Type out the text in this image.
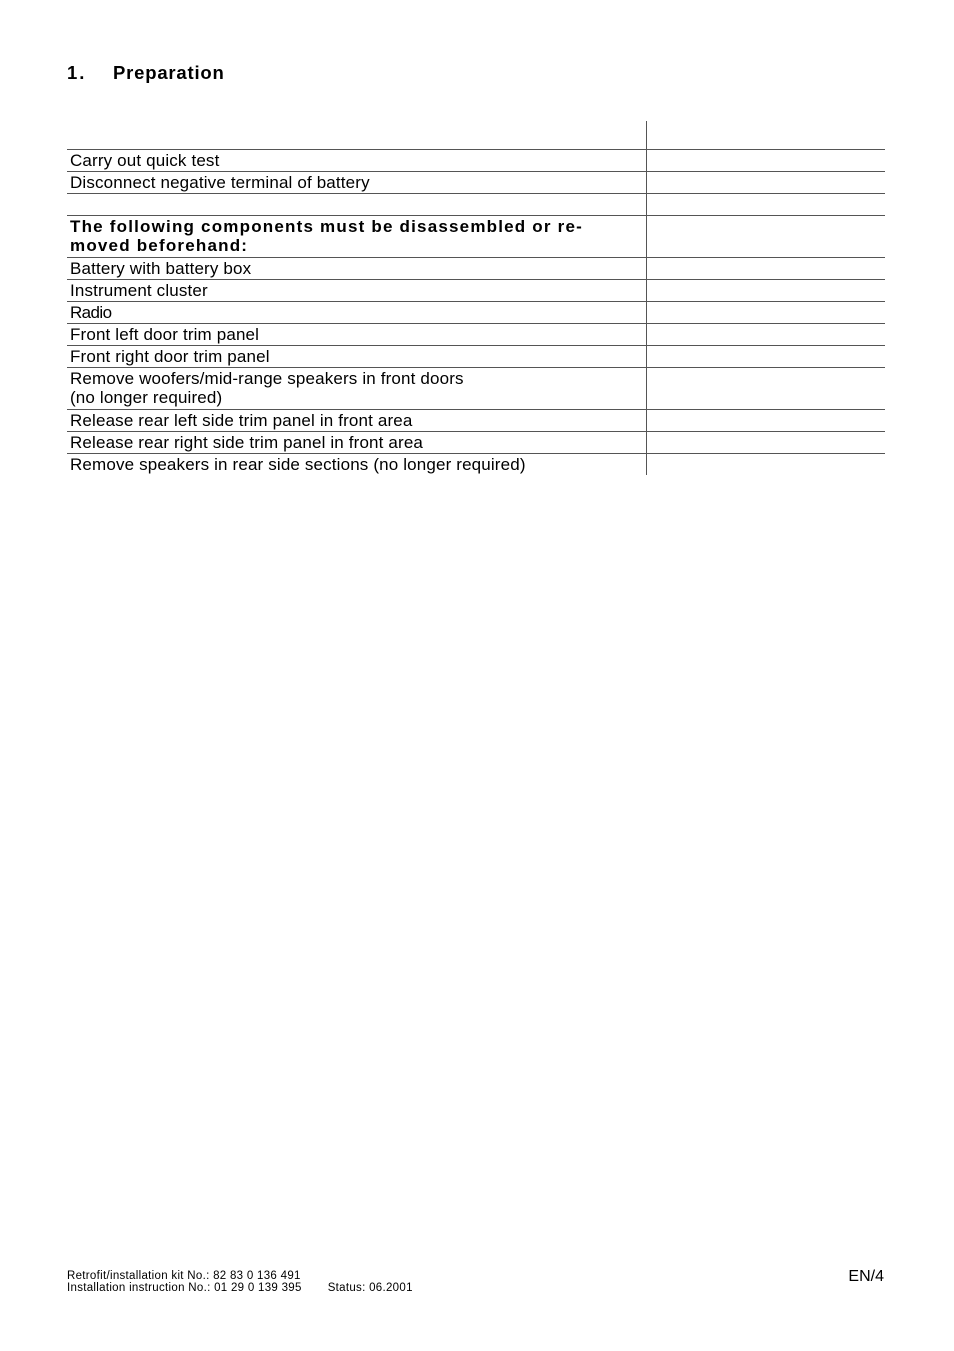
1. Preparation
Carry out quick test
Disconnect negative terminal of battery
The following components must be disassembled or re-
moved beforehand:
Battery with battery box
Instrument cluster
Radio
Front left door trim panel
Front right door trim panel
Remove woofers/mid-range speakers in front doors
(no longer required)
Release rear left side trim panel in front area
Release rear right side trim panel in front area
Remove speakers in rear side sections (no longer required)
Retrofit/installation kit No.: 82 83 0 136 491
Installation instruction No.: 01 29 0 139 395 Status: 06.2001
EN/4
